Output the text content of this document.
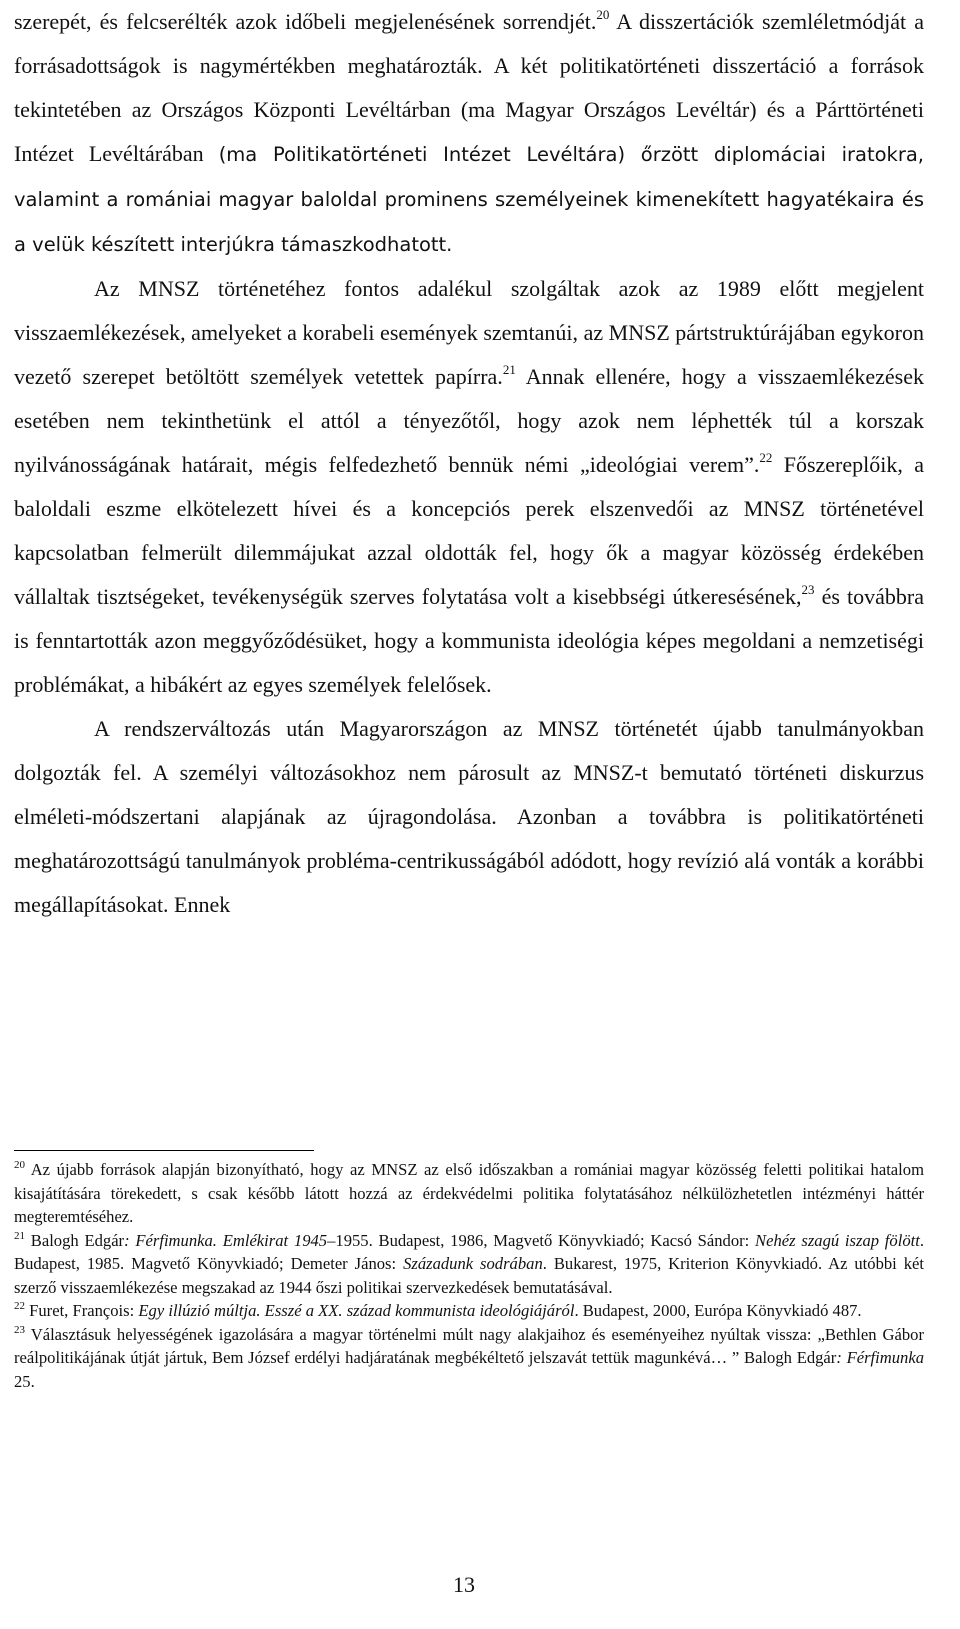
szerepét, és felcserélték azok időbeli megjelenésének sorrendjét.$^{20}$ A disszertációk szemléletmódját a forrásadottságok is nagymértékben meghatározták. A két politikatörténeti disszertáció a források tekintetében az Országos Központi Levéltárban (ma Magyar Országos Levéltár) és a Párttörténeti Intézet Levéltárában (ma Politikatörténeti Intézet Levéltára) őrzött diplomáciai iratokra, valamint a romániai magyar baloldal prominens személyeinek kimenekített hagyatékaira és a velük készített interjúkra támaszkodhatott.

Az MNSZ történetéhez fontos adalékul szolgáltak azok az 1989 előtt megjelent visszaemlékezések, amelyeket a korabeli események szemtanúi, az MNSZ pártstruktúrájában egykoron vezető szerepet betöltött személyek vetettek papírra.$^{21}$ Annak ellenére, hogy a visszaemlékezések esetében nem tekinthetünk el attól a tényezőtől, hogy azok nem léphették túl a korszak nyilvánosságának határait, mégis felfedezhető bennük némi „ideológiai verem”.$^{22}$ Főszereplőik, a baloldali eszme elkötelezett hívei és a koncepciós perek elszenvedői az MNSZ történetével kapcsolatban felmerült dilemmájukat azzal oldották fel, hogy ők a magyar közösség érdekében vállaltak tisztségeket, tevékenységük szerves folytatása volt a kisebbségi útkeresésének,$^{23}$ és továbbra is fenntartották azon meggyőződésüket, hogy a kommunista ideológia képes megoldani a nemzetiségi problémákat, a hibákért az egyes személyek felelősek.

A rendszerváltozás után Magyarországon az MNSZ történetét újabb tanulmányokban dolgozták fel. A személyi változásokhoz nem párosult az MNSZ-t bemutató történeti diskurzus elméleti-módszertani alapjának az újragondolása. Azonban a továbbra is politikatörténeti meghatározottságú tanulmányok probléma-centrikusságából adódott, hogy revízió alá vonták a korábbi megállapításokat. Ennek

$^{20}$ Az újabb források alapján bizonyítható, hogy az MNSZ az első időszakban a romániai magyar közösség feletti politikai hatalom kisajátítására törekedett, s csak később látott hozzá az érdekvédelmi politika folytatásához nélkülözhetetlen intézményi háttér megteremtéséhez.

$^{21}$ Balogh Edgár: Férfimunka. Emlékirat 1945–1955. Budapest, 1986, Magvető Könyvkiadó; Kacsó Sándor: Nehéz szagú iszap fölött. Budapest, 1985. Magvető Könyvkiadó; Demeter János: Századunk sodrában. Bukarest, 1975, Kriterion Könyvkiadó. Az utóbbi két szerző visszaemlékezése megszakad az 1944 őszi politikai szervezkedések bemutatásával.

$^{22}$ Furet, François: Egy illúzió múltja. Esszé a XX. század kommunista ideológiájáról. Budapest, 2000, Európa Könyvkiadó 487.

$^{23}$ Választásuk helyességének igazolására a magyar történelmi múlt nagy alakjaihoz és eseményeihez nyúltak vissza: „Bethlen Gábor reálpolitikájának útját jártuk, Bem József erdélyi hadjáratának megbékéltető jelszavát tettük magunkévá… ” Balogh Edgár: Férfimunka 25.

13
